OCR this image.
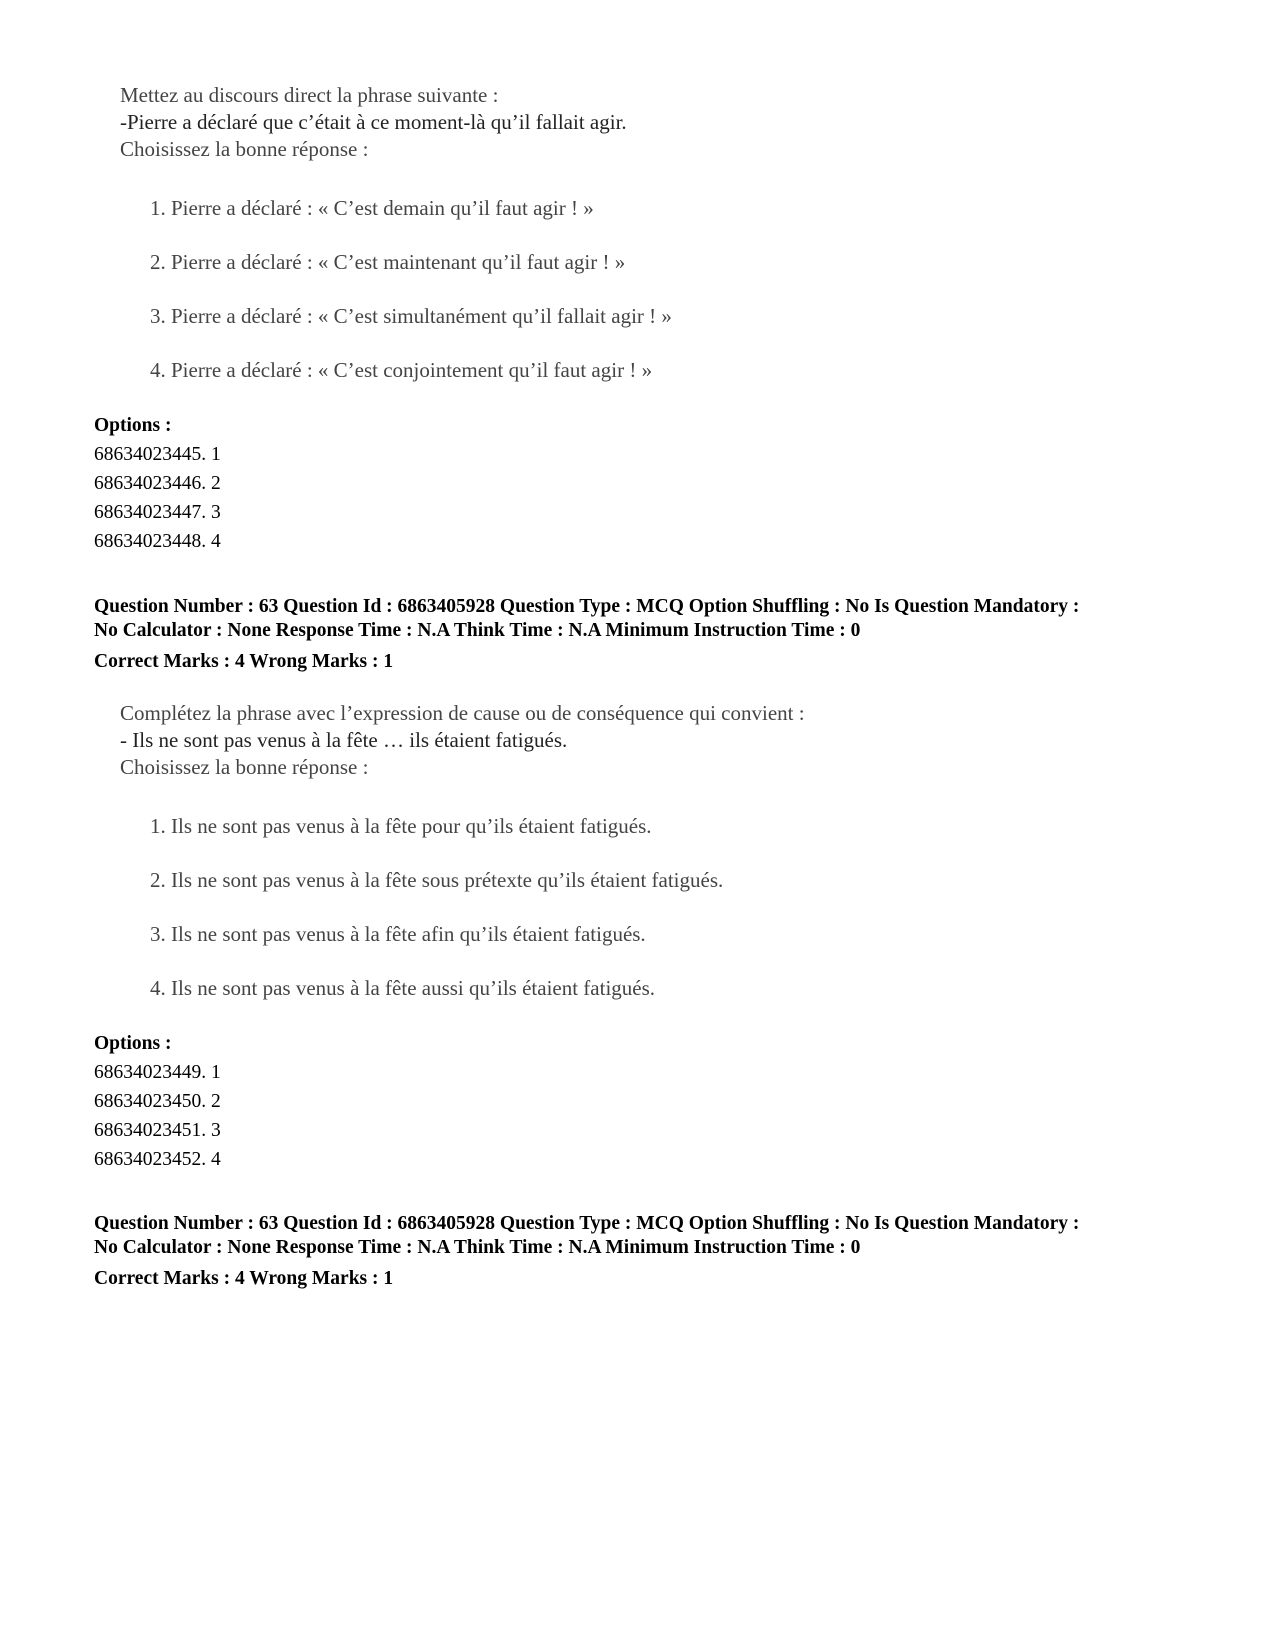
Mettez au discours direct la phrase suivante :
-Pierre a déclaré que c’était à ce moment-là qu’il fallait agir.
Choisissez la bonne réponse :
1. Pierre a déclaré : « C’est demain qu’il faut agir ! »
2. Pierre a déclaré : « C’est maintenant qu’il faut agir ! »
3. Pierre a déclaré : « C’est simultanément qu’il fallait agir ! »
4. Pierre a déclaré : « C’est conjointement qu’il faut agir ! »
Options :
68634023445. 1
68634023446. 2
68634023447. 3
68634023448. 4
Question Number : 63 Question Id : 6863405928 Question Type : MCQ Option Shuffling : No Is Question Mandatory :
No Calculator : None Response Time : N.A Think Time : N.A Minimum Instruction Time : 0
Correct Marks : 4 Wrong Marks : 1
Complétez la phrase avec l’expression de cause ou de conséquence qui convient :
- Ils ne sont pas venus à la fête … ils étaient fatigués.
Choisissez la bonne réponse :
1. Ils ne sont pas venus à la fête pour qu’ils étaient fatigués.
2. Ils ne sont pas venus à la fête sous prétexte qu’ils étaient fatigués.
3. Ils ne sont pas venus à la fête afin qu’ils étaient fatigués.
4. Ils ne sont pas venus à la fête aussi qu’ils étaient fatigués.
Options :
68634023449. 1
68634023450. 2
68634023451. 3
68634023452. 4
Question Number : 63 Question Id : 6863405928 Question Type : MCQ Option Shuffling : No Is Question Mandatory :
No Calculator : None Response Time : N.A Think Time : N.A Minimum Instruction Time : 0
Correct Marks : 4 Wrong Marks : 1
